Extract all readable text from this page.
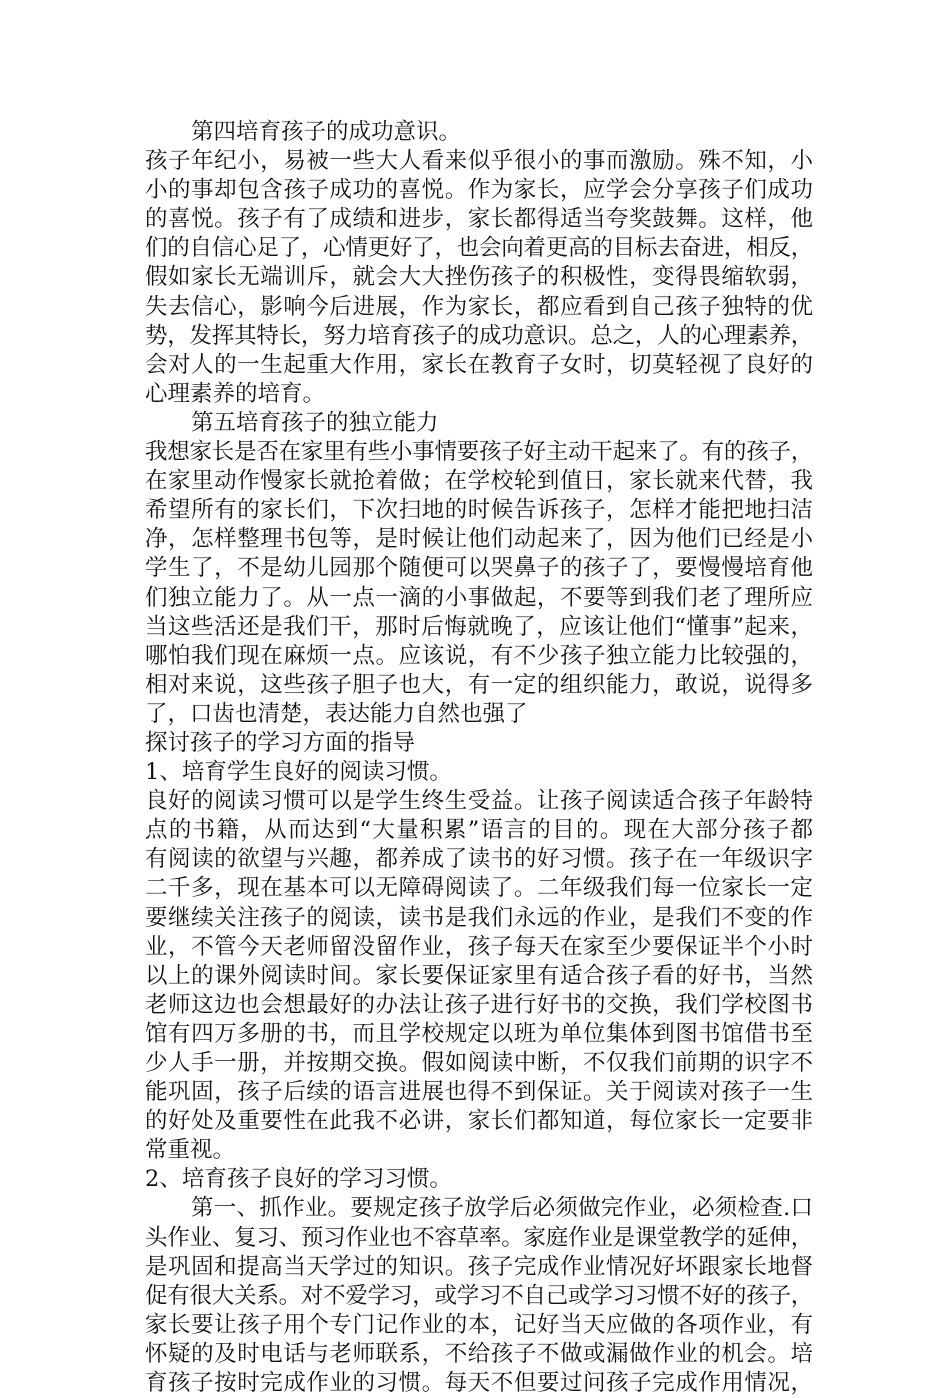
第四培育孩子的成功意识。
孩子年纪小，易被一些大人看来似乎很小的事而激励。殊不知，小
小的事却包含孩子成功的喜悦。作为家长，应学会分享孩子们成功
的喜悦。孩子有了成绩和进步，家长都得适当夸奖鼓舞。这样，他
们的自信心足了，心情更好了，也会向着更高的目标去奋进，相反，
假如家长无端训斥，就会大大挫伤孩子的积极性，变得畏缩软弱，
失去信心，影响今后进展，作为家长，都应看到自己孩子独特的优
势，发挥其特长，努力培育孩子的成功意识。总之，人的心理素养，
会对人的一生起重大作用，家长在教育子女时，切莫轻视了良好的
心理素养的培育。
第五培育孩子的独立能力
我想家长是否在家里有些小事情要孩子好主动干起来了。有的孩子，
在家里动作慢家长就抢着做；在学校轮到值日，家长就来代替，我
希望所有的家长们，下次扫地的时候告诉孩子，怎样才能把地扫洁
净，怎样整理书包等，是时候让他们动起来了，因为他们已经是小
学生了，不是幼儿园那个随便可以哭鼻子的孩子了，要慢慢培育他
们独立能力了。从一点一滴的小事做起，不要等到我们老了理所应
当这些活还是我们干，那时后悔就晚了，应该让他们“懂事”起来，
哪怕我们现在麻烦一点。应该说，有不少孩子独立能力比较强的，
相对来说，这些孩子胆子也大，有一定的组织能力，敢说，说得多
了，口齿也清楚，表达能力自然也强了
探讨孩子的学习方面的指导
1、培育学生良好的阅读习惯。
良好的阅读习惯可以是学生终生受益。让孩子阅读适合孩子年龄特
点的书籍，从而达到“大量积累”语言的目的。现在大部分孩子都
有阅读的欲望与兴趣，都养成了读书的好习惯。孩子在一年级识字
二千多，现在基本可以无障碍阅读了。二年级我们每一位家长一定
要继续关注孩子的阅读，读书是我们永远的作业，是我们不变的作
业，不管今天老师留没留作业，孩子每天在家至少要保证半个小时
以上的课外阅读时间。家长要保证家里有适合孩子看的好书，当然
老师这边也会想最好的办法让孩子进行好书的交换，我们学校图书
馆有四万多册的书，而且学校规定以班为单位集体到图书馆借书至
少人手一册，并按期交换。假如阅读中断，不仅我们前期的识字不
能巩固，孩子后续的语言进展也得不到保证。关于阅读对孩子一生
的好处及重要性在此我不必讲，家长们都知道，每位家长一定要非
常重视。
2、培育孩子良好的学习习惯。
第一、抓作业。要规定孩子放学后必须做完作业，必须检查.口
头作业、复习、预习作业也不容草率。家庭作业是课堂教学的延伸，
是巩固和提高当天学过的知识。孩子完成作业情况好坏跟家长地督
促有很大关系。对不爱学习，或学习不自己或学习习惯不好的孩子，
家长要让孩子用个专门记作业的本，记好当天应做的各项作业，有
怀疑的及时电话与老师联系，不给孩子不做或漏做作业的机会。培
育孩子按时完成作业的习惯。每天不但要过问孩子完成作用情况，
